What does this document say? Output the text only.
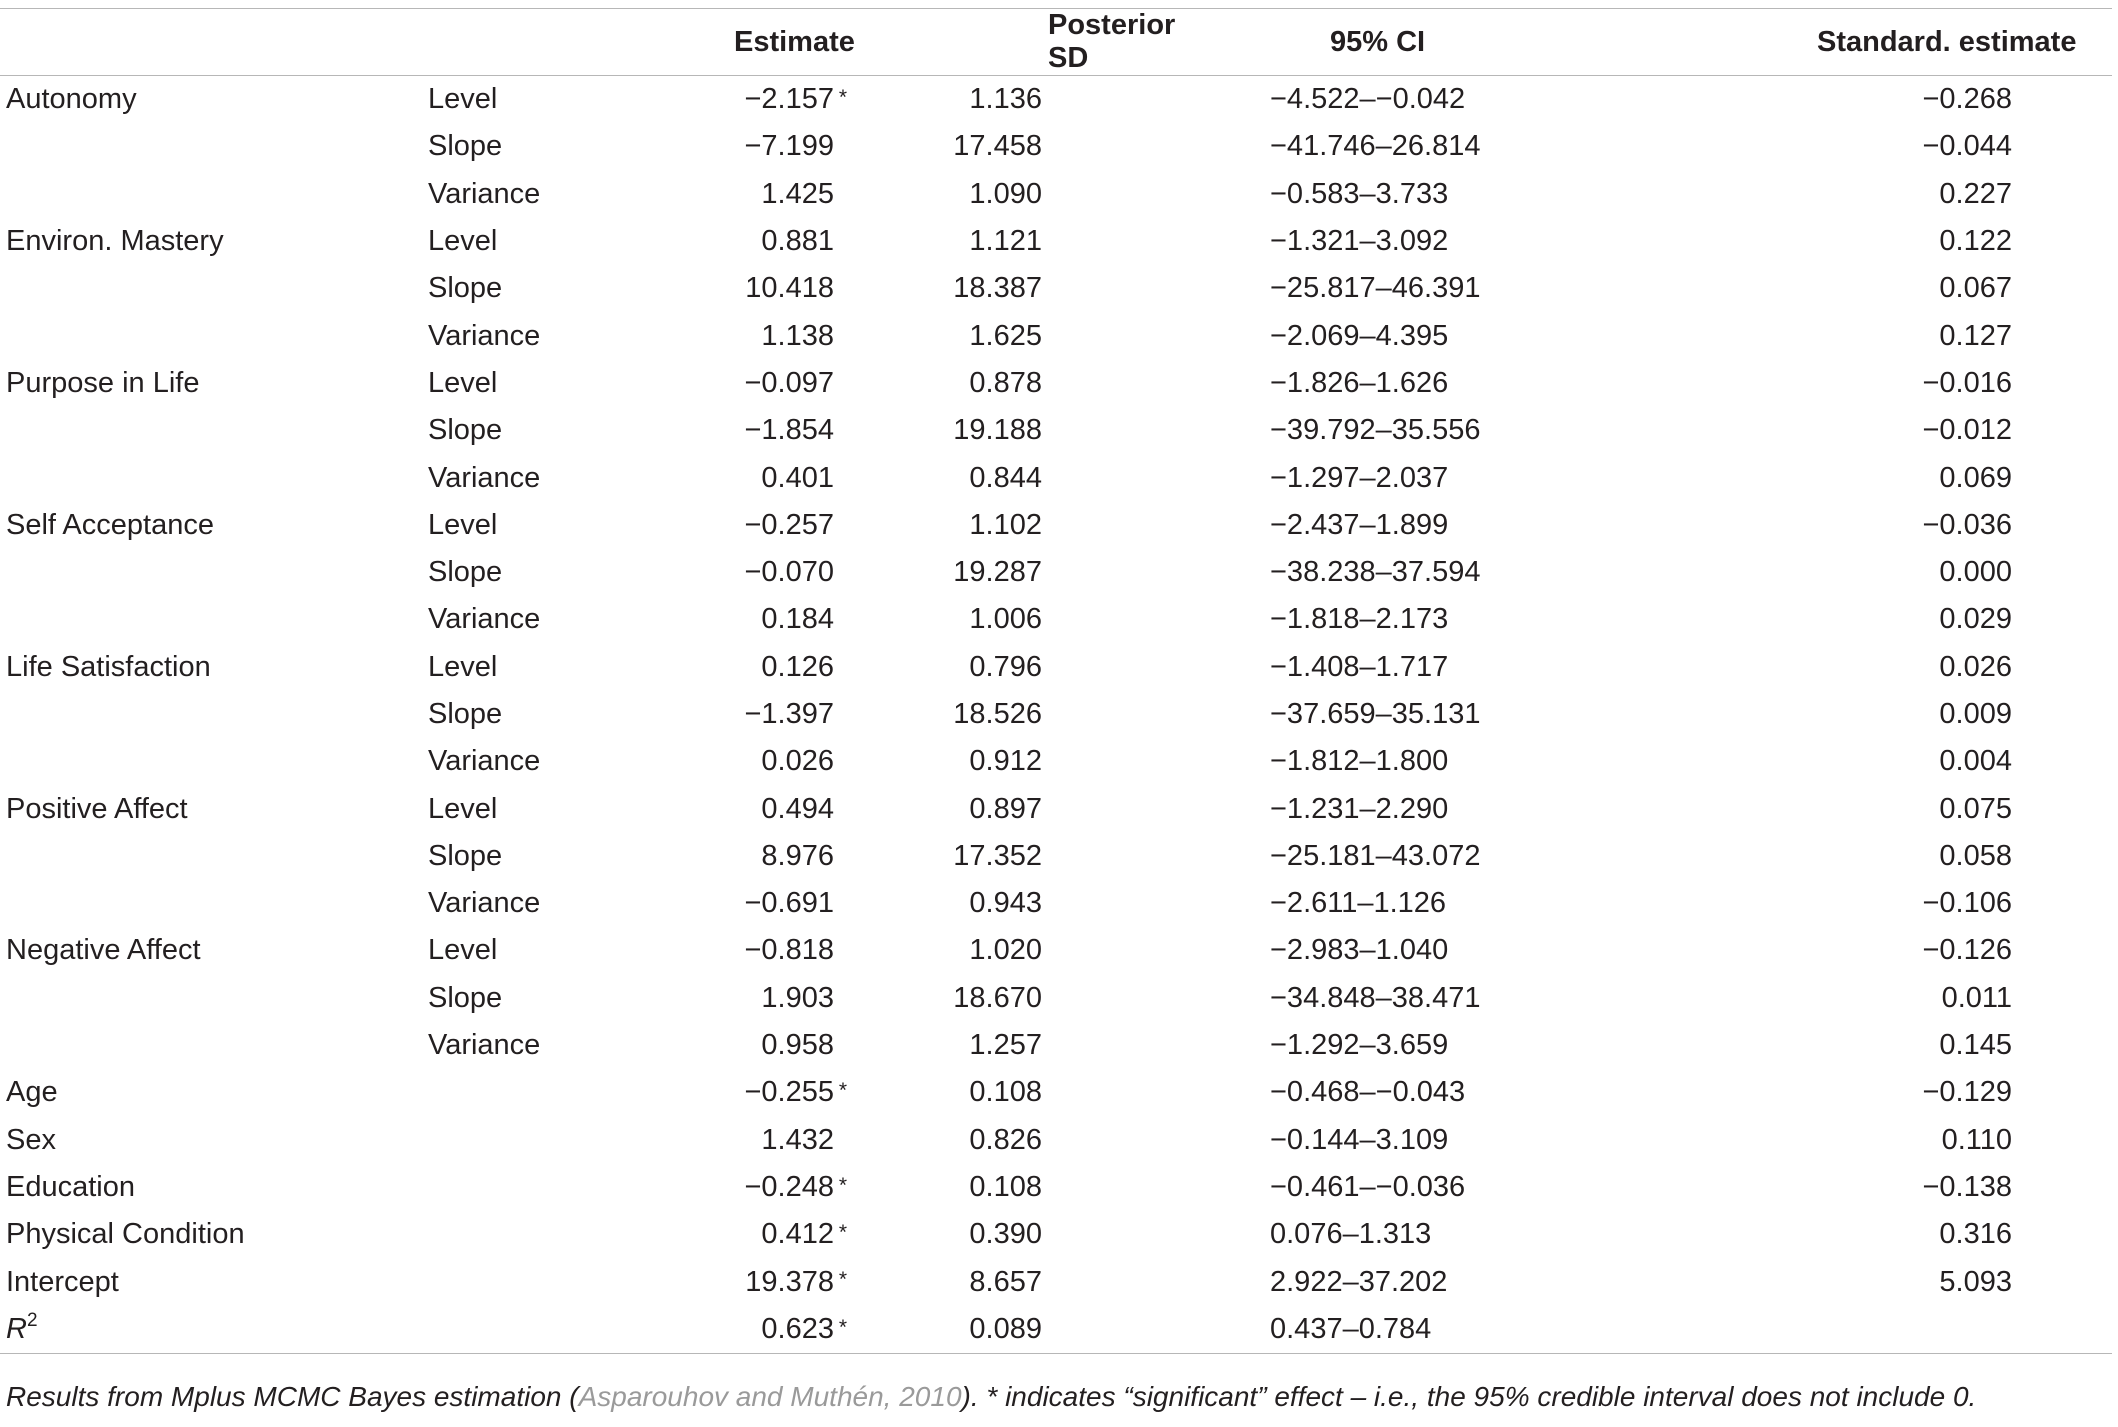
		Estimate	Posterior SD	95% CI	Standard. estimate
Autonomy	Level	−2.157 *	1.136	−4.522–−0.042	−0.268
	Slope	−7.199	17.458	−41.746–26.814	−0.044
	Variance	1.425	1.090	−0.583–3.733	0.227
Environ. Mastery	Level	0.881	1.121	−1.321–3.092	0.122
	Slope	10.418	18.387	−25.817–46.391	0.067
	Variance	1.138	1.625	−2.069–4.395	0.127
Purpose in Life	Level	−0.097	0.878	−1.826–1.626	−0.016
	Slope	−1.854	19.188	−39.792–35.556	−0.012
	Variance	0.401	0.844	−1.297–2.037	0.069
Self Acceptance	Level	−0.257	1.102	−2.437–1.899	−0.036
	Slope	−0.070	19.287	−38.238–37.594	0.000
	Variance	0.184	1.006	−1.818–2.173	0.029
Life Satisfaction	Level	0.126	0.796	−1.408–1.717	0.026
	Slope	−1.397	18.526	−37.659–35.131	0.009
	Variance	0.026	0.912	−1.812–1.800	0.004
Positive Affect	Level	0.494	0.897	−1.231–2.290	0.075
	Slope	8.976	17.352	−25.181–43.072	0.058
	Variance	−0.691	0.943	−2.611–1.126	−0.106
Negative Affect	Level	−0.818	1.020	−2.983–1.040	−0.126
	Slope	1.903	18.670	−34.848–38.471	0.011
	Variance	0.958	1.257	−1.292–3.659	0.145
Age		−0.255 *	0.108	−0.468–−0.043	−0.129
Sex		1.432	0.826	−0.144–3.109	0.110
Education		−0.248 *	0.108	−0.461–−0.036	−0.138
Physical Condition		0.412 *	0.390	0.076–1.313	0.316
Intercept		19.378 *	8.657	2.922–37.202	5.093
$R^2$		0.623 *	0.089	0.437–0.784	
Results from Mplus MCMC Bayes estimation (Asparouhov and Muthén, 2010). * indicates “significant” effect – i.e., the 95% credible interval does not include 0.
